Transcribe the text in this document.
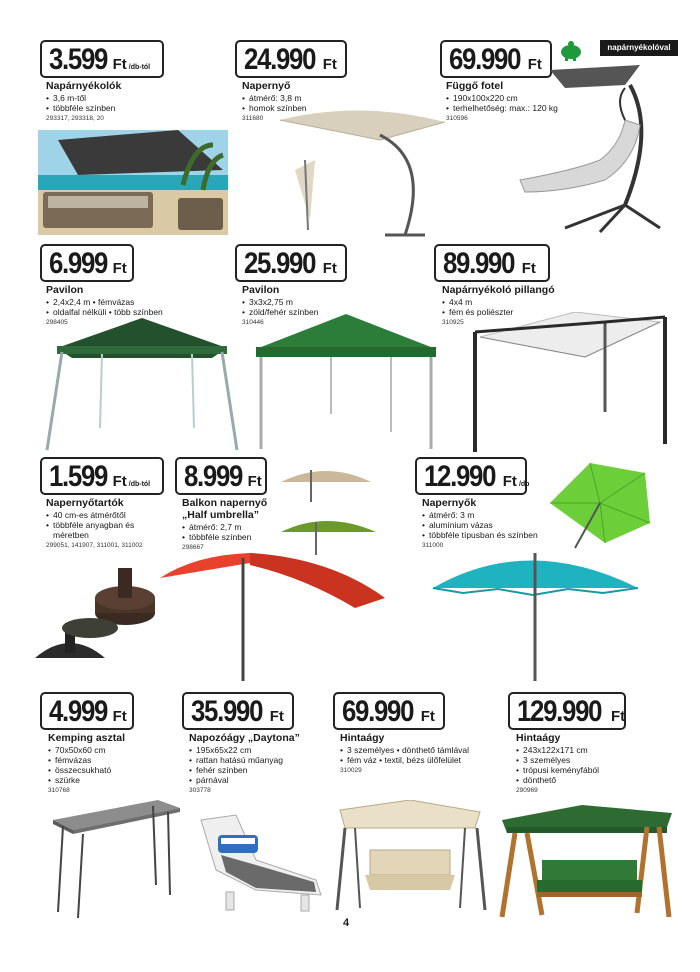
3.599 Ft /db-tól
Napárnyékolók
• 3,6 m-től
• többféle színben
293317, 293318, 20
24.990 Ft
Napernyő
• átmérő: 3,8 m
• homok színben
311680
69.990 Ft
napárnyékolóval
Függő fotel
• 190x100x220 cm
• terhelhetőség: max.: 120 kg
310596
6.999 Ft
Pavilon
• 2,4x2,4 m • fémvázas
• oldalfal nélküli • több színben
298405
25.990 Ft
Pavilon
• 3x3x2,75 m
• zöld/fehér színben
310446
89.990 Ft
Napárnyékoló pillangó
• 4x4 m
• fém és poliészter
310925
1.599 Ft /db-tól
Napernyőtartók
• 40 cm-es átmérőtől
• többféle anyagban és méretben
299051, 141907, 311001, 311002
8.999 Ft
Balkon napernyő „Half umbrella”
• átmérő: 2,7 m
• többféle színben
298667
12.990 Ft /db
Napernyők
• átmérő: 3 m
• alumínium vázas
• többféle típusban és színben
311000
4.999 Ft
Kemping asztal
• 70x50x60 cm
• fémvázas
• összecsukható
• szürke
310768
35.990 Ft
Napozóágy „Daytona”
• 195x65x22 cm
• rattan hatású műanyag
• fehér színben
• párnával
303778
69.990 Ft
Hintaágy
• 3 személyes • dönthető támlával
• fém váz • textil, bézs ülőfelület
310029
129.990 Ft
Hintaágy
• 243x122x171 cm
• 3 személyes
• trópusi keményfából
• dönthető
290969
4
